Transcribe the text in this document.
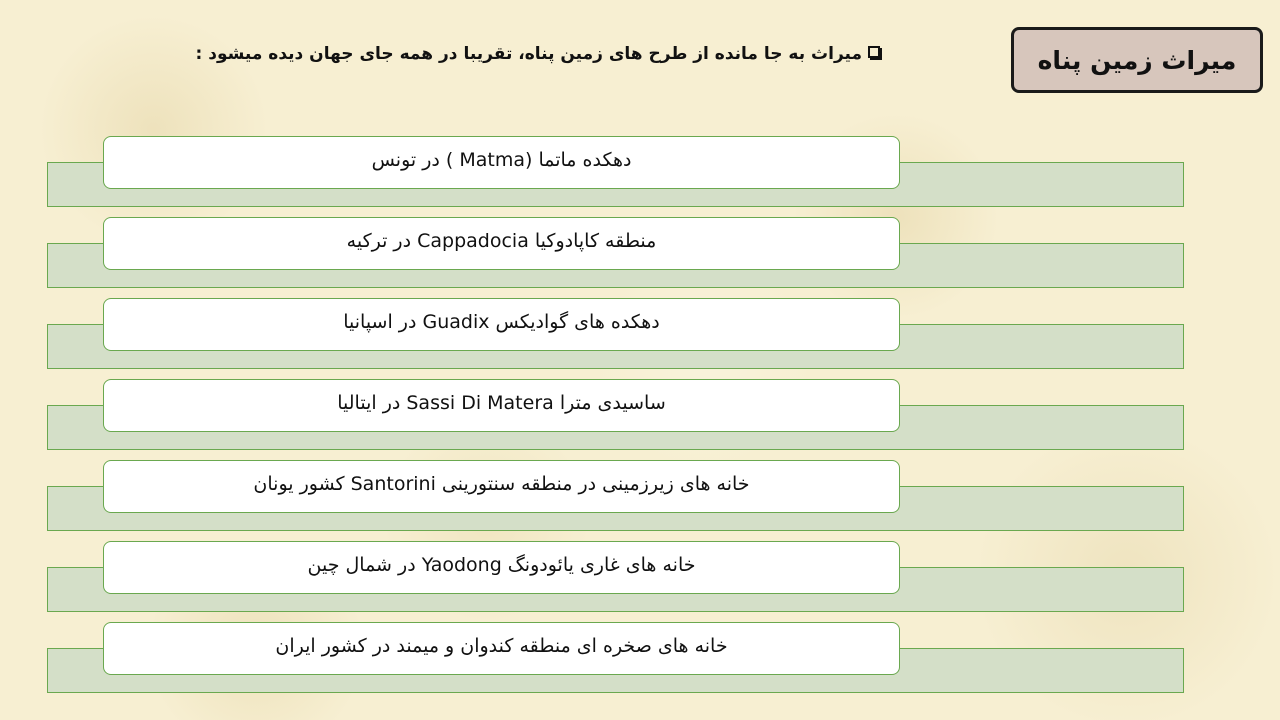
میراث زمین پناه
میراث به جا مانده از طرح های زمین پناه، تقریبا در همه جای جهان دیده میشود :
دهکده ماتما (Matma ) در تونس
منطقه کاپادوکیا Cappadocia در ترکیه
دهکده های گوادیکس Guadix در اسپانیا
ساسیدی مترا Sassi Di Matera در ایتالیا
خانه های زیرزمینی در منطقه سنتورینی Santorini کشور یونان
خانه های غاری یائودونگ Yaodong در شمال چین
خانه های صخره ای منطقه کندوان و میمند در کشور ایران
